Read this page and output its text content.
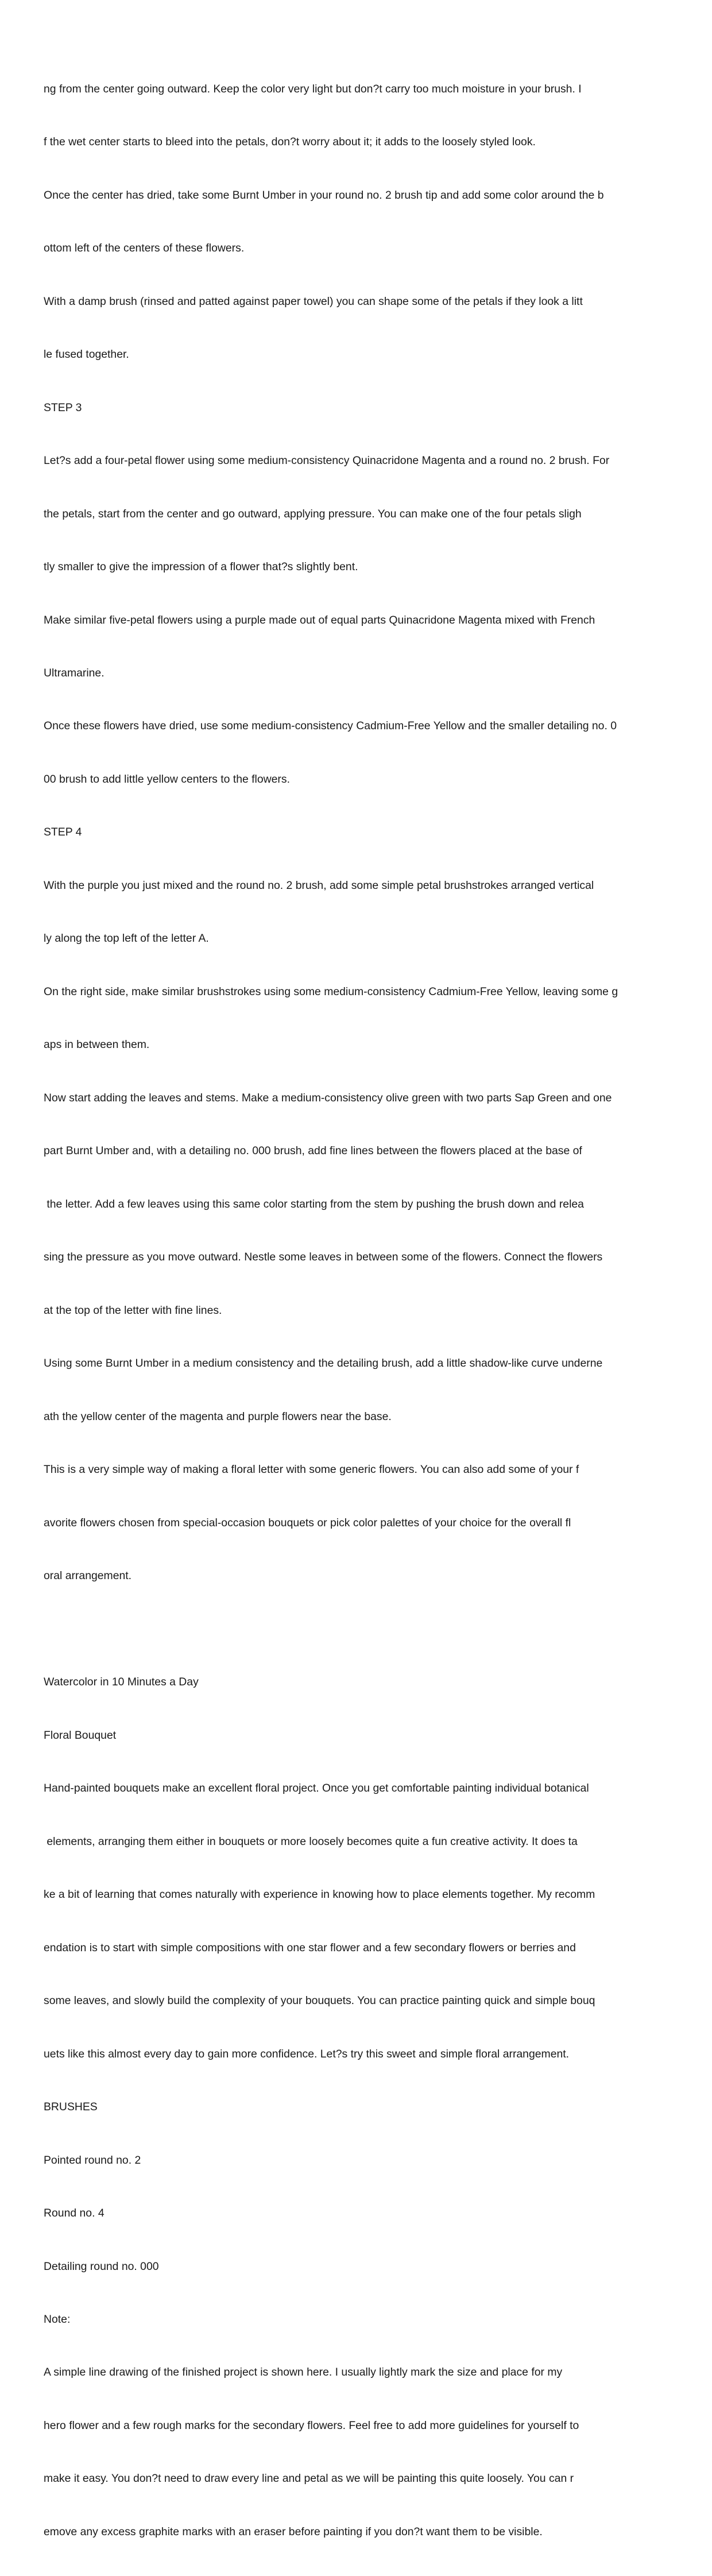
ng from the center going outward. Keep the color very light but don?t carry too much moisture in your brush. I

f the wet center starts to bleed into the petals, don?t worry about it; it adds to the loosely styled look.

Once the center has dried, take some Burnt Umber in your round no. 2 brush tip and add some color around the b

ottom left of the centers of these flowers.

With a damp brush (rinsed and patted against paper towel) you can shape some of the petals if they look a litt

le fused together.

STEP 3

Let?s add a four-petal flower using some medium-consistency Quinacridone Magenta and a round no. 2 brush. For

the petals, start from the center and go outward, applying pressure. You can make one of the four petals sligh

tly smaller to give the impression of a flower that?s slightly bent.

Make similar five-petal flowers using a purple made out of equal parts Quinacridone Magenta mixed with French

Ultramarine.

Once these flowers have dried, use some medium-consistency Cadmium-Free Yellow and the smaller detailing no. 0

00 brush to add little yellow centers to the flowers.

STEP 4

With the purple you just mixed and the round no. 2 brush, add some simple petal brushstrokes arranged vertical

ly along the top left of the letter A.

On the right side, make similar brushstrokes using some medium-consistency Cadmium-Free Yellow, leaving some g

aps in between them.

Now start adding the leaves and stems. Make a medium-consistency olive green with two parts Sap Green and one

part Burnt Umber and, with a detailing no. 000 brush, add fine lines between the flowers placed at the base of

the letter. Add a few leaves using this same color starting from the stem by pushing the brush down and relea

sing the pressure as you move outward. Nestle some leaves in between some of the flowers. Connect the flowers

at the top of the letter with fine lines.

Using some Burnt Umber in a medium consistency and the detailing brush, add a little shadow-like curve underne

ath the yellow center of the magenta and purple flowers near the base.

This is a very simple way of making a floral letter with some generic flowers. You can also add some of your f

avorite flowers chosen from special-occasion bouquets or pick color palettes of your choice for the overall fl

oral arrangement.

Watercolor in 10 Minutes a Day

Floral Bouquet

Hand-painted bouquets make an excellent floral project. Once you get comfortable painting individual botanical

elements, arranging them either in bouquets or more loosely becomes quite a fun creative activity. It does ta

ke a bit of learning that comes naturally with experience in knowing how to place elements together. My recomm

endation is to start with simple compositions with one star flower and a few secondary flowers or berries and

some leaves, and slowly build the complexity of your bouquets. You can practice painting quick and simple bouq

uets like this almost every day to gain more confidence. Let?s try this sweet and simple floral arrangement.

BRUSHES

Pointed round no. 2

Round no. 4

Detailing round no. 000

Note:

A simple line drawing of the finished project is shown here. I usually lightly mark the size and place for my

hero flower and a few rough marks for the secondary flowers. Feel free to add more guidelines for yourself to

make it easy. You don?t need to draw every line and petal as we will be painting this quite loosely. You can r

emove any excess graphite marks with an eraser before painting if you don?t want them to be visible.
